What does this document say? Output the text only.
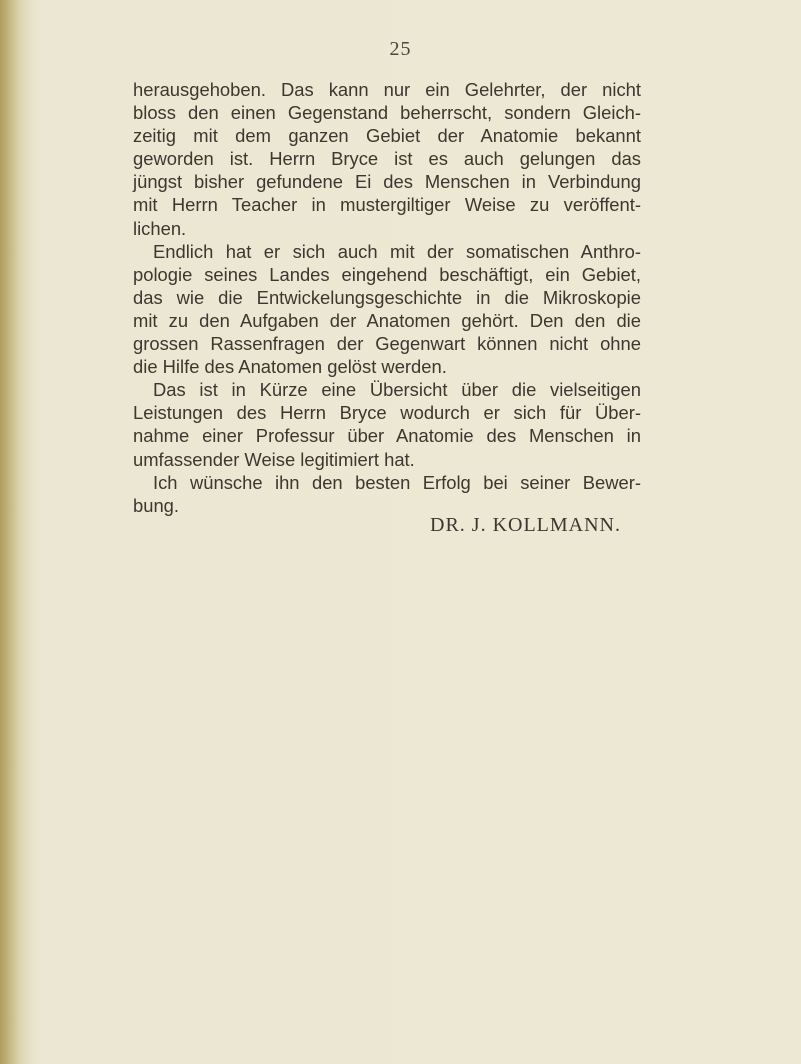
25
herausgehoben. Das kann nur ein Gelehrter, der nicht
bloss den einen Gegenstand beherrscht, sondern Gleich-
zeitig mit dem ganzen Gebiet der Anatomie bekannt
geworden ist. Herrn Bryce ist es auch gelungen das
jüngst bisher gefundene Ei des Menschen in Verbindung
mit Herrn Teacher in mustergiltiger Weise zu veröffent-
lichen.
Endlich hat er sich auch mit der somatischen Anthro-
pologie seines Landes eingehend beschäftigt, ein Gebiet,
das wie die Entwickelungsgeschichte in die Mikroskopie
mit zu den Aufgaben der Anatomen gehört. Den den die
grossen Rassenfragen der Gegenwart können nicht ohne
die Hilfe des Anatomen gelöst werden.
Das ist in Kürze eine Übersicht über die vielseitigen
Leistungen des Herrn Bryce wodurch er sich für Über-
nahme einer Professur über Anatomie des Menschen in
umfassender Weise legitimiert hat.
Ich wünsche ihn den besten Erfolg bei seiner Bewer-
bung.
DR. J. KOLLMANN.
